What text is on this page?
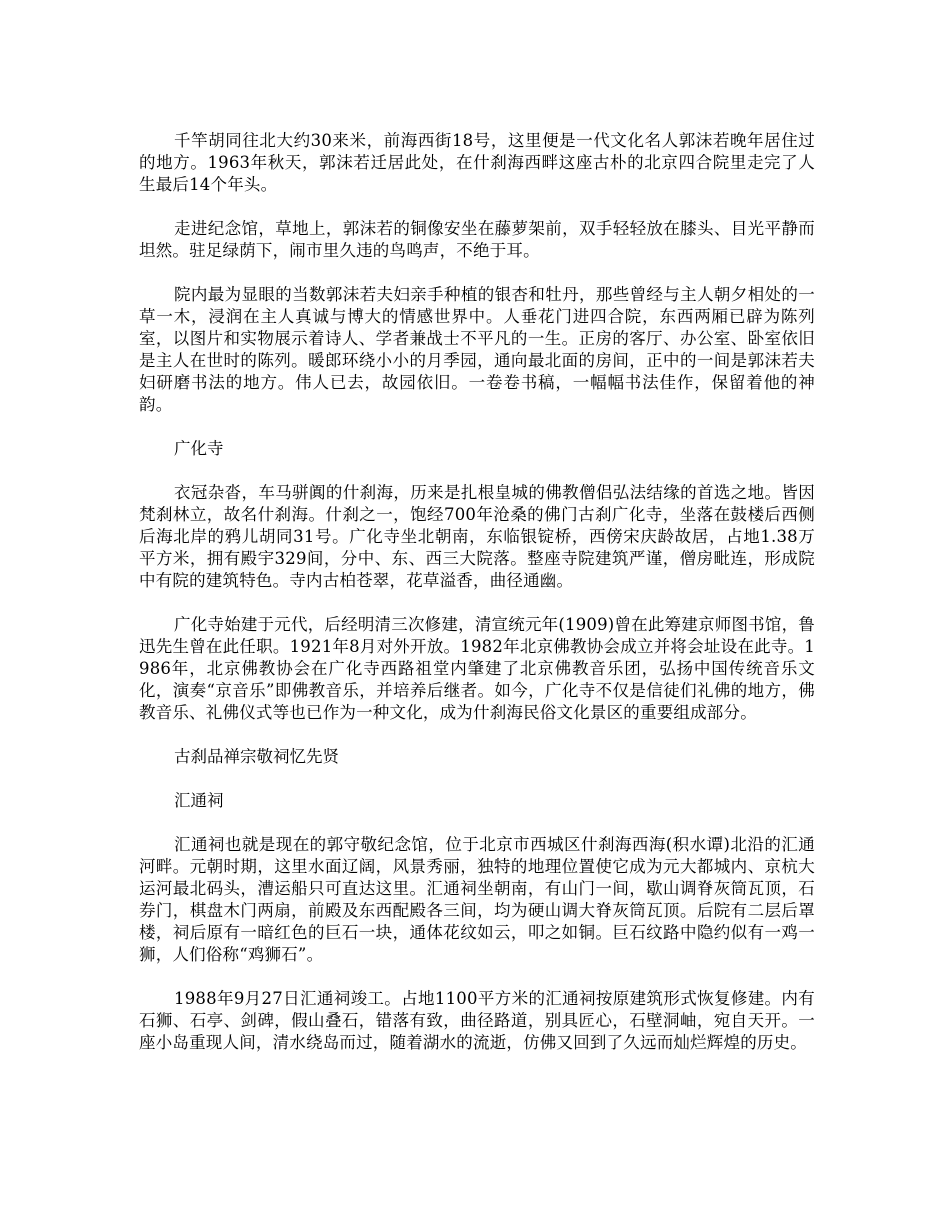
千竿胡同往北大约30来米，前海西街18号，这里便是一代文化名人郭沫若晚年居住过的地方。1963年秋天，郭沫若迁居此处，在什刹海西畔这座古朴的北京四合院里走完了人生最后14个年头。

走进纪念馆，草地上，郭沫若的铜像安坐在藤萝架前，双手轻轻放在膝头、目光平静而坦然。驻足绿荫下，闹市里久违的鸟鸣声，不绝于耳。

院内最为显眼的当数郭沫若夫妇亲手种植的银杏和牡丹，那些曾经与主人朝夕相处的一草一木，浸润在主人真诚与博大的情感世界中。人垂花门进四合院，东西两厢已辟为陈列室，以图片和实物展示着诗人、学者兼战士不平凡的一生。正房的客厅、办公室、卧室依旧是主人在世时的陈列。暖郎环绕小小的月季园，通向最北面的房间，正中的一间是郭沫若夫妇研磨书法的地方。伟人已去，故园依旧。一卷卷书稿，一幅幅书法佳作，保留着他的神韵。

广化寺

衣冠杂沓，车马骈阗的什刹海，历来是扎根皇城的佛教僧侣弘法结缘的首选之地。皆因梵刹林立，故名什刹海。什刹之一，饱经700年沧桑的佛门古刹广化寺，坐落在鼓楼后西侧后海北岸的鸦儿胡同31号。广化寺坐北朝南，东临银锭桥，西傍宋庆龄故居，占地1.38万平方米，拥有殿宇329间，分中、东、西三大院落。整座寺院建筑严谨，僧房毗连，形成院中有院的建筑特色。寺内古柏苍翠，花草溢香，曲径通幽。

广化寺始建于元代，后经明清三次修建，清宣统元年(1909)曾在此筹建京师图书馆，鲁迅先生曾在此任职。1921年8月对外开放。1982年北京佛教协会成立并将会址设在此寺。1986年，北京佛教协会在广化寺西路祖堂内肇建了北京佛教音乐团，弘扬中国传统音乐文化，演奏“京音乐”即佛教音乐，并培养后继者。如今，广化寺不仅是信徒们礼佛的地方，佛教音乐、礼佛仪式等也已作为一种文化，成为什刹海民俗文化景区的重要组成部分。

古刹品禅宗敬祠忆先贤

汇通祠

汇通祠也就是现在的郭守敬纪念馆，位于北京市西城区什刹海西海(积水谭)北沿的汇通河畔。元朝时期，这里水面辽阔，风景秀丽，独特的地理位置使它成为元大都城内、京杭大运河最北码头，漕运船只可直达这里。汇通祠坐朝南，有山门一间，歇山调脊灰筒瓦顶，石券门，棋盘木门两扇，前殿及东西配殿各三间，均为硬山调大脊灰筒瓦顶。后院有二层后罩楼，祠后原有一暗红色的巨石一块，通体花纹如云，叩之如铜。巨石纹路中隐约似有一鸡一狮，人们俗称“鸡狮石”。

1988年9月27日汇通祠竣工。占地1100平方米的汇通祠按原建筑形式恢复修建。内有石狮、石亭、剑碑，假山叠石，错落有致，曲径路道，别具匠心，石壁洞岫，宛自天开。一座小岛重现人间，清水绕岛而过，随着湖水的流逝，仿佛又回到了久远而灿烂辉煌的历史。
